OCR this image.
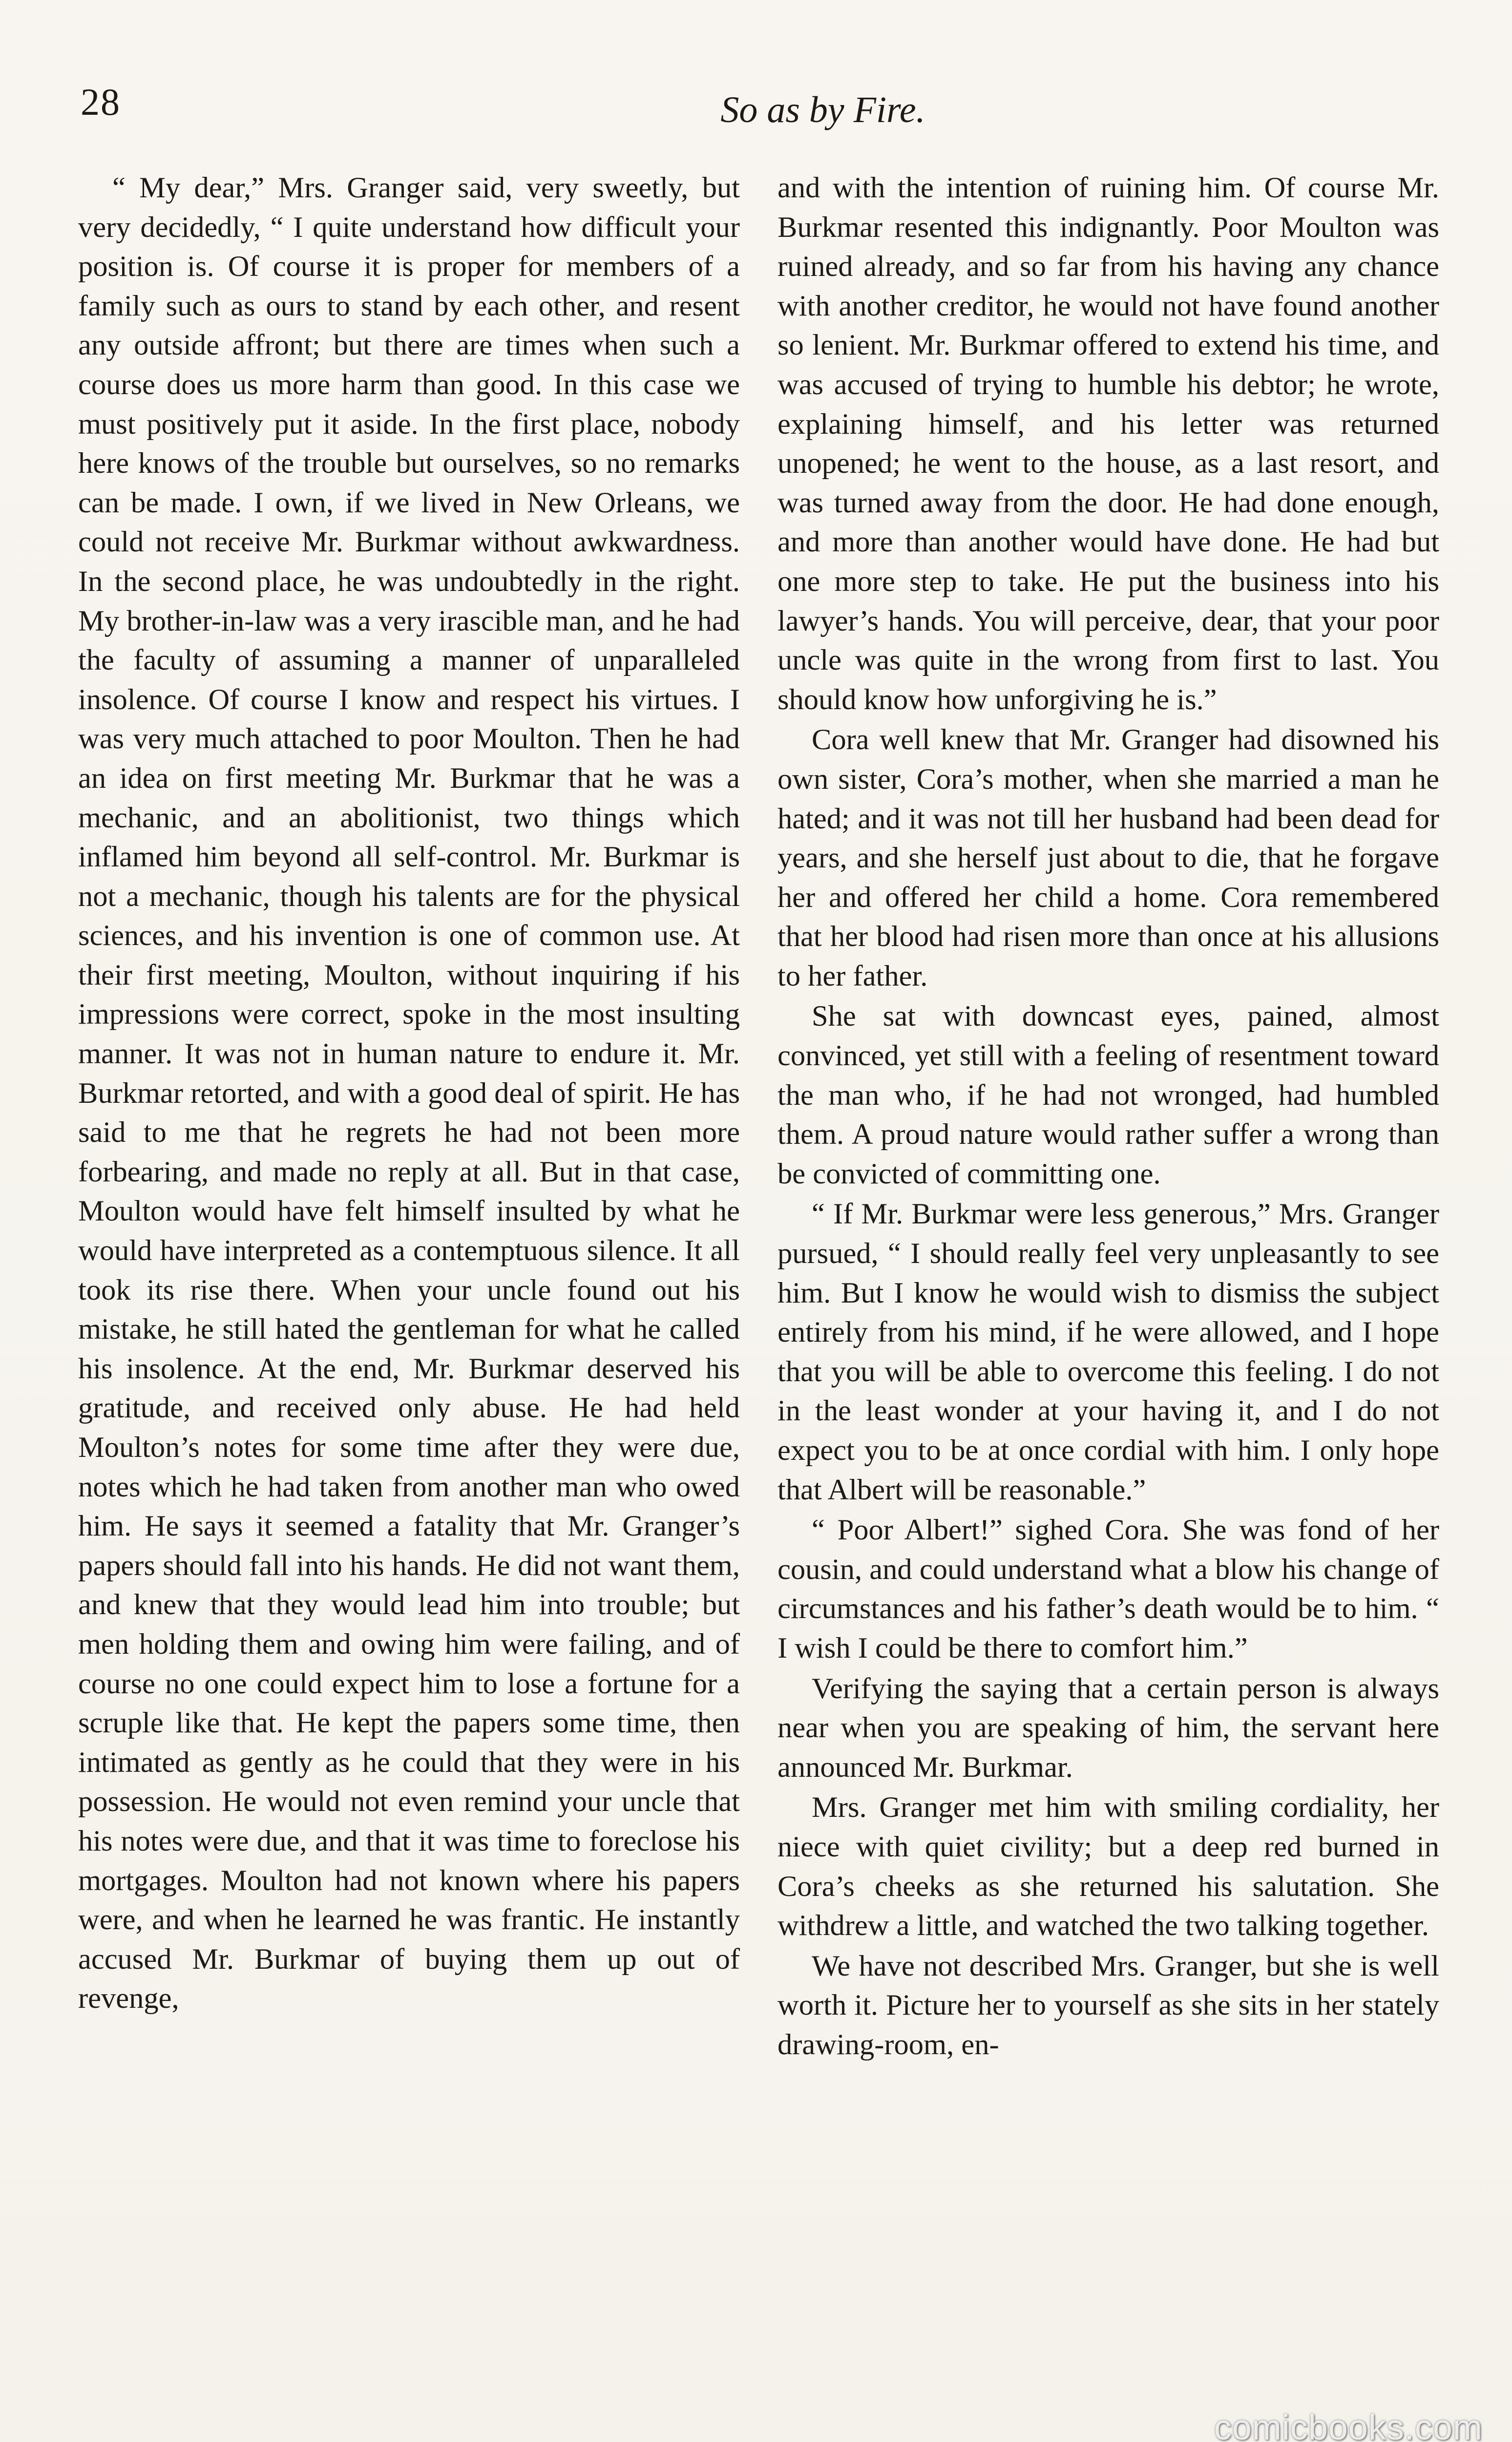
28	So as by Fire.

“ My dear,” Mrs. Granger said, very sweetly, but very decidedly, “ I quite understand how difficult your position is. Of course it is proper for members of a family such as ours to stand by each other, and resent any outside affront; but there are times when such a course does us more harm than good. In this case we must positively put it aside. In the first place, nobody here knows of the trouble but ourselves, so no remarks can be made. I own, if we lived in New Orleans, we could not receive Mr. Burkmar without awkwardness. In the second place, he was undoubtedly in the right. My brother-in-law was a very irascible man, and he had the faculty of assuming a manner of unparalleled insolence. Of course I know and respect his virtues. I was very much attached to poor Moulton. Then he had an idea on first meeting Mr. Burkmar that he was a mechanic, and an abolitionist, two things which inflamed him beyond all self-control. Mr. Burkmar is not a mechanic, though his talents are for the physical sciences, and his invention is one of common use. At their first meeting, Moulton, without inquiring if his impressions were correct, spoke in the most insulting manner. It was not in human nature to endure it. Mr. Burkmar retorted, and with a good deal of spirit. He has said to me that he regrets he had not been more forbearing, and made no reply at all. But in that case, Moulton would have felt himself insulted by what he would have interpreted as a contemptuous silence. It all took its rise there. When your uncle found out his mistake, he still hated the gentleman for what he called his insolence. At the end, Mr. Burkmar deserved his gratitude, and received only abuse. He had held Moulton’s notes for some time after they were due, notes which he had taken from another man who owed him. He says it seemed a fatality that Mr. Granger’s papers should fall into his hands. He did not want them, and knew that they would lead him into trouble; but men holding them and owing him were failing, and of course no one could expect him to lose a fortune for a scruple like that. He kept the papers some time, then intimated as gently as he could that they were in his possession. He would not even remind your uncle that his notes were due, and that it was time to foreclose his mortgages. Moulton had not known where his papers were, and when he learned he was frantic. He instantly accused Mr. Burkmar of buying them up out of revenge,

and with the intention of ruining him. Of course Mr. Burkmar resented this indignantly. Poor Moulton was ruined already, and so far from his having any chance with another creditor, he would not have found another so lenient. Mr. Burkmar offered to extend his time, and was accused of trying to humble his debtor; he wrote, explaining himself, and his letter was returned unopened; he went to the house, as a last resort, and was turned away from the door. He had done enough, and more than another would have done. He had but one more step to take. He put the business into his lawyer’s hands. You will perceive, dear, that your poor uncle was quite in the wrong from first to last. You should know how unforgiving he is.”

Cora well knew that Mr. Granger had disowned his own sister, Cora’s mother, when she married a man he hated; and it was not till her husband had been dead for years, and she herself just about to die, that he forgave her and offered her child a home. Cora remembered that her blood had risen more than once at his allusions to her father.

She sat with downcast eyes, pained, almost convinced, yet still with a feeling of resentment toward the man who, if he had not wronged, had humbled them. A proud nature would rather suffer a wrong than be convicted of committing one.

“ If Mr. Burkmar were less generous,” Mrs. Granger pursued, “ I should really feel very unpleasantly to see him. But I know he would wish to dismiss the subject entirely from his mind, if he were allowed, and I hope that you will be able to overcome this feeling. I do not in the least wonder at your having it, and I do not expect you to be at once cordial with him. I only hope that Albert will be reasonable.”

“ Poor Albert!” sighed Cora. She was fond of her cousin, and could understand what a blow his change of circumstances and his father’s death would be to him. “ I wish I could be there to comfort him.”

Verifying the saying that a certain person is always near when you are speaking of him, the servant here announced Mr. Burkmar.

Mrs. Granger met him with smiling cordiality, her niece with quiet civility; but a deep red burned in Cora’s cheeks as she returned his salutation. She withdrew a little, and watched the two talking together.

We have not described Mrs. Granger, but she is well worth it. Picture her to yourself as she sits in her stately drawing-room, en-

comicbooks.com
